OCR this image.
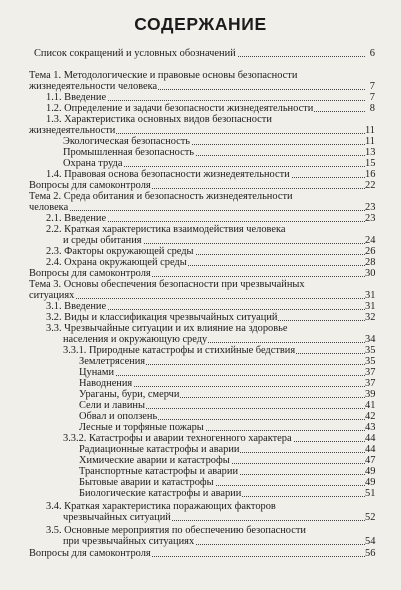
СОДЕРЖАНИЕ
Список сокращений и условных обозначений	6
Тема 1. Методологические и правовые основы безопасности
жизнедеятельности человека	7
1.1. Введение	7
1.2. Определение и задачи безопасности жизнедеятельности	8
1.3. Характеристика основных видов безопасности
жизнедеятельности	11
Экологическая безопасность	11
Промышленная безопасность	13
Охрана труда	15
1.4. Правовая основа безопасности жизнедеятельности	16
Вопросы для самоконтроля	22
Тема 2. Среда обитания и безопасность жизнедеятельности
человека	23
2.1. Введение	23
2.2. Краткая характеристика взаимодействия человека
и среды обитания	24
2.3. Факторы окружающей среды	26
2.4. Охрана окружающей среды	28
Вопросы для самоконтроля	30
Тема 3. Основы обеспечения безопасности при чрезвычайных
ситуациях	31
3.1. Введение	31
3.2. Виды и классификация чрезвычайных ситуаций	32
3.3. Чрезвычайные ситуации и их влияние на здоровье
населения и окружающую среду	34
3.3.1. Природные катастрофы и стихийные бедствия	35
Землетрясения	35
Цунами	37
Наводнения	37
Ураганы, бури, смерчи	39
Сели и лавины	41
Обвал и оползень	42
Лесные и торфяные пожары	43
3.3.2. Катастрофы и аварии техногенного характера	44
Радиационные катастрофы и аварии	44
Химические аварии и катастрофы	47
Транспортные катастрофы и аварии	49
Бытовые аварии и катастрофы	49
Биологические катастрофы и аварии	51
3.4. Краткая характеристика поражающих факторов
чрезвычайных ситуаций	52
3.5. Основные мероприятия по обеспечению безопасности
при чрезвычайных ситуациях	54
Вопросы для самоконтроля	56
